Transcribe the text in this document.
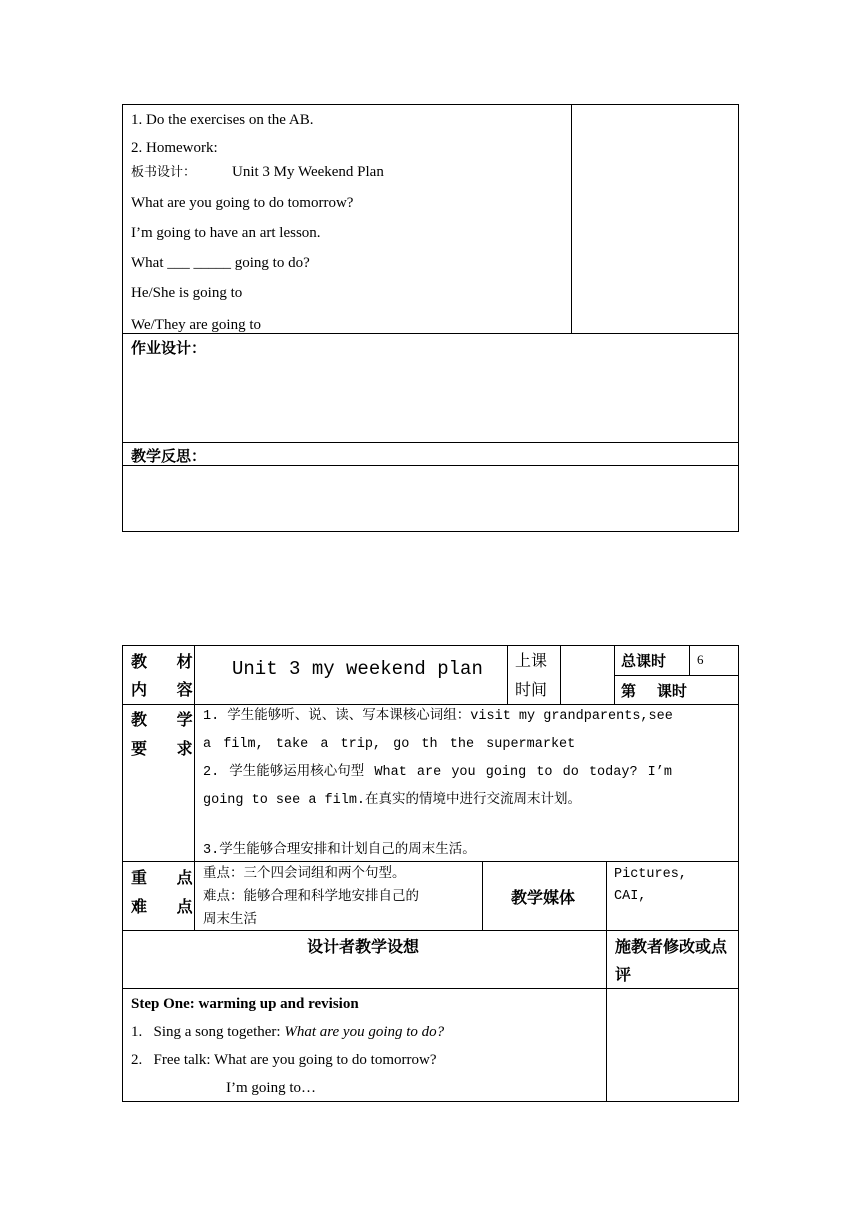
1. Do the exercises on the AB.
2. Homework:
板书设计： Unit 3 My Weekend Plan
What are you going to do tomorrow?
I’m going to have an art lesson.
What ___ _____ going to do?
He/She is going to
We/They are going to
作业设计：
教学反思：
教 材
内 容
Unit 3 my weekend plan 上课
时间
总课时 6
第    课时
教 学
要 求
1. 学生能够听、说、读、写本课核心词组：visit my grandparents,see
a film, take a trip, go th the supermarket
2. 学生能够运用核心句型 What are you going to do today? I’m
going to see a film.在真实的情境中进行交流周末计划。
3.学生能够合理安排和计划自己的周末生活。
重 点
难 点
重点：三个四会词组和两个句型。
难点：能够合理和科学地安排自己的
周末生活
教学媒体
Pictures,
CAI,
设计者教学设想	施教者修改或点
评
Step One: warming up and revision
1.   Sing a song together: What are you going to do?
2.   Free talk: What are you going to do tomorrow?
I’m going to…
